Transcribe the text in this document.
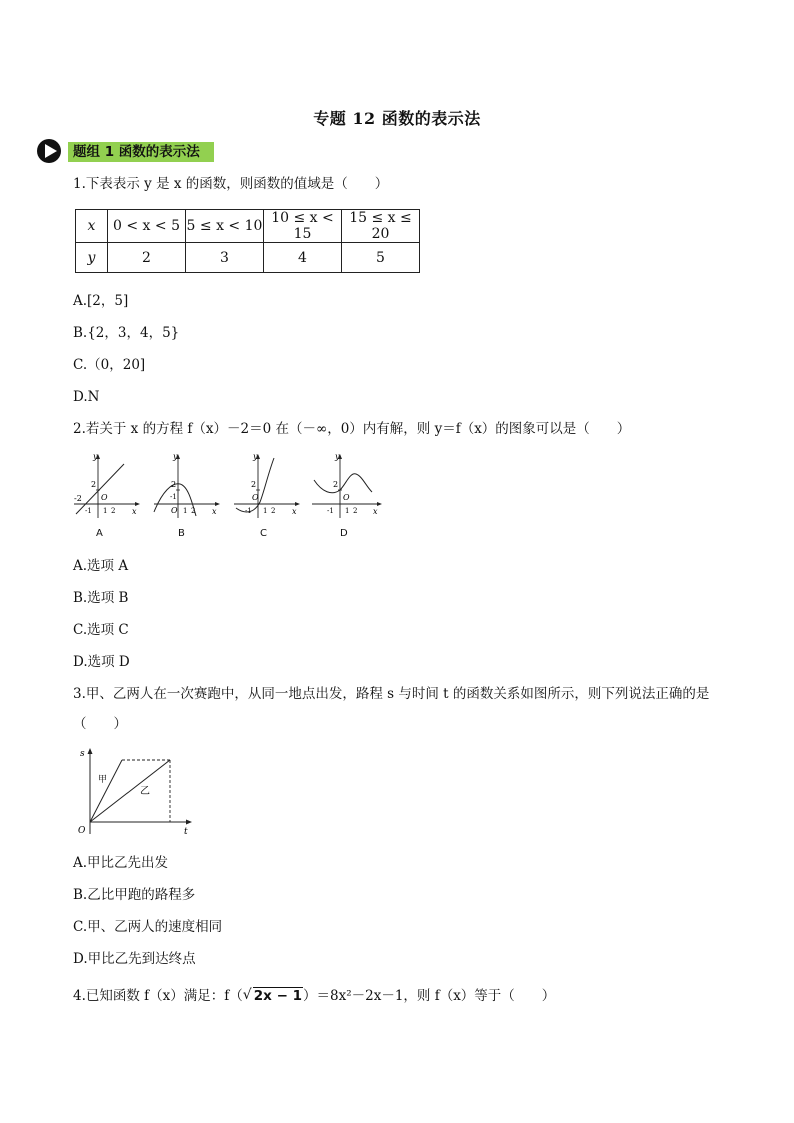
专题 12 函数的表示法
题组 1 函数的表示法
1.下表表示 y 是 x 的函数，则函数的值域是（　　）
x	0 < x < 5	5 ≤ x < 10	10 ≤ x < 15	15 ≤ x ≤ 20
y	2	3	4	5
A.[2，5]
B.{2，3，4，5}
C.（0，20]
D.N
2.若关于 x 的方程 f（x）－2＝0 在（－∞，0）内有解，则 y＝f（x）的图象可以是（　　）
y
x
-2
2
O
-1 1 2
A
y
x
2
-1
O 1 2
B
y
x
2
O
-1 1 2
C
y
x
2
O
-1 1 2
D
A.选项 A
B.选项 B
C.选项 C
D.选项 D
3.甲、乙两人在一次赛跑中，从同一地点出发，路程 s 与时间 t 的函数关系如图所示，则下列说法正确的是
（　　）
s
t
O
甲
乙
A.甲比乙先出发
B.乙比甲跑的路程多
C.甲、乙两人的速度相同
D.甲比乙先到达终点
4.已知函数 f（x）满足：f（ √ 2x − 1）＝8x²－2x－1，则 f（x）等于（　　）
